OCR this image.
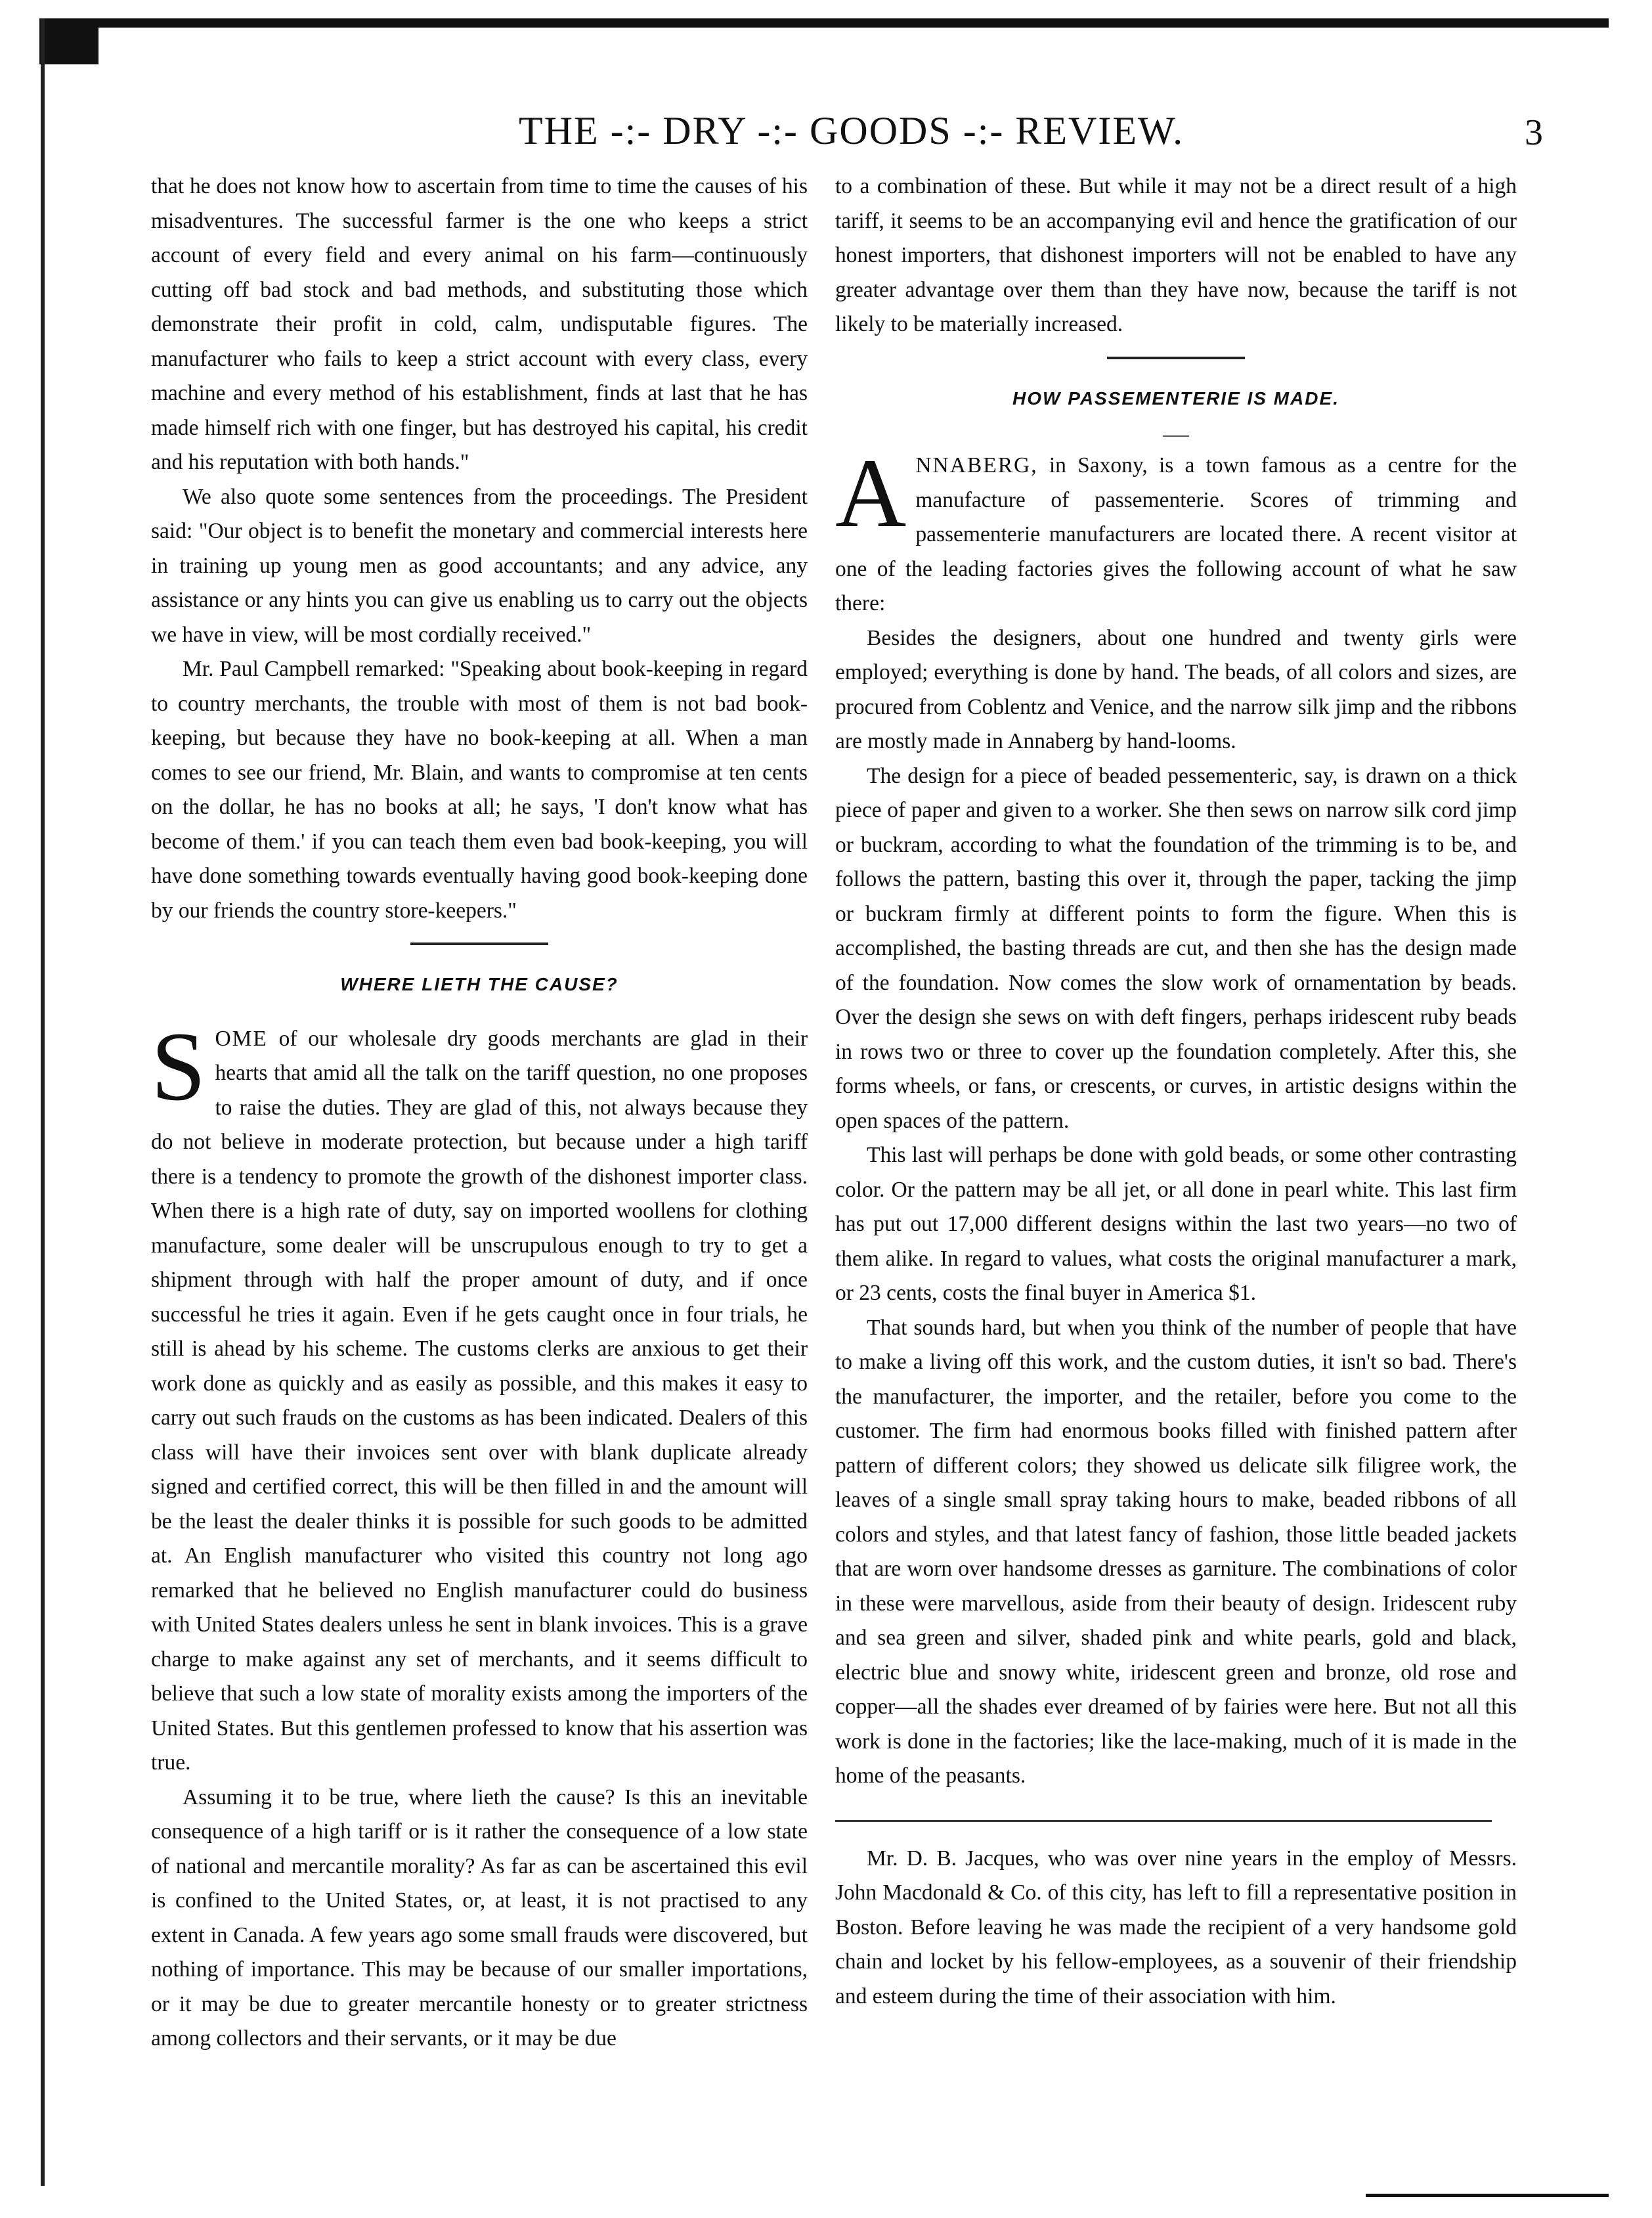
THE -:- DRY -:- GOODS -:- REVIEW.	3

that he does not know how to ascertain from time to time the causes of his misadventures. The successful farmer is the one who keeps a strict account of every field and every animal on his farm—continuously cutting off bad stock and bad methods, and substituting those which demonstrate their profit in cold, calm, undisputable figures. The manufacturer who fails to keep a strict account with every class, every machine and every method of his establishment, finds at last that he has made himself rich with one finger, but has destroyed his capital, his credit and his reputation with both hands."

We also quote some sentences from the proceedings. The President said: "Our object is to benefit the monetary and commercial interests here in training up young men as good accountants; and any advice, any assistance or any hints you can give us enabling us to carry out the objects we have in view, will be most cordially received."

Mr. Paul Campbell remarked: "Speaking about book-keeping in regard to country merchants, the trouble with most of them is not bad book-keeping, but because they have no book-keeping at all. When a man comes to see our friend, Mr. Blain, and wants to compromise at ten cents on the dollar, he has no books at all; he says, 'I don't know what has become of them.' if you can teach them even bad book-keeping, you will have done something towards eventually having good book-keeping done by our friends the country store-keepers."

WHERE LIETH THE CAUSE?

SOME of our wholesale dry goods merchants are glad in their hearts that amid all the talk on the tariff question, no one proposes to raise the duties. They are glad of this, not always because they do not believe in moderate protection, but because under a high tariff there is a tendency to promote the growth of the dishonest importer class. When there is a high rate of duty, say on imported woollens for clothing manufacture, some dealer will be unscrupulous enough to try to get a shipment through with half the proper amount of duty, and if once successful he tries it again. Even if he gets caught once in four trials, he still is ahead by his scheme. The customs clerks are anxious to get their work done as quickly and as easily as possible, and this makes it easy to carry out such frauds on the customs as has been indicated. Dealers of this class will have their invoices sent over with blank duplicate already signed and certified correct, this will be then filled in and the amount will be the least the dealer thinks it is possible for such goods to be admitted at. An English manufacturer who visited this country not long ago remarked that he believed no English manufacturer could do business with United States dealers unless he sent in blank invoices. This is a grave charge to make against any set of merchants, and it seems difficult to believe that such a low state of morality exists among the importers of the United States. But this gentlemen professed to know that his assertion was true.

Assuming it to be true, where lieth the cause? Is this an inevitable consequence of a high tariff or is it rather the consequence of a low state of national and mercantile morality? As far as can be ascertained this evil is confined to the United States, or, at least, it is not practised to any extent in Canada. A few years ago some small frauds were discovered, but nothing of importance. This may be because of our smaller importations, or it may be due to greater mercantile honesty or to greater strictness among collectors and their servants, or it may be due

to a combination of these. But while it may not be a direct result of a high tariff, it seems to be an accompanying evil and hence the gratification of our honest importers, that dishonest importers will not be enabled to have any greater advantage over them than they have now, because the tariff is not likely to be materially increased.

HOW PASSEMENTERIE IS MADE.

ANNABERG, in Saxony, is a town famous as a centre for the manufacture of passementerie. Scores of trimming and passementerie manufacturers are located there. A recent visitor at one of the leading factories gives the following account of what he saw there:

Besides the designers, about one hundred and twenty girls were employed; everything is done by hand. The beads, of all colors and sizes, are procured from Coblentz and Venice, and the narrow silk jimp and the ribbons are mostly made in Annaberg by hand-looms.

The design for a piece of beaded pessementeric, say, is drawn on a thick piece of paper and given to a worker. She then sews on narrow silk cord jimp or buckram, according to what the foundation of the trimming is to be, and follows the pattern, basting this over it, through the paper, tacking the jimp or buckram firmly at different points to form the figure. When this is accomplished, the basting threads are cut, and then she has the design made of the foundation. Now comes the slow work of ornamentation by beads. Over the design she sews on with deft fingers, perhaps iridescent ruby beads in rows two or three to cover up the foundation completely. After this, she forms wheels, or fans, or crescents, or curves, in artistic designs within the open spaces of the pattern.

This last will perhaps be done with gold beads, or some other contrasting color. Or the pattern may be all jet, or all done in pearl white. This last firm has put out 17,000 different designs within the last two years—no two of them alike. In regard to values, what costs the original manufacturer a mark, or 23 cents, costs the final buyer in America $1.

That sounds hard, but when you think of the number of people that have to make a living off this work, and the custom duties, it isn't so bad. There's the manufacturer, the importer, and the retailer, before you come to the customer. The firm had enormous books filled with finished pattern after pattern of different colors; they showed us delicate silk filigree work, the leaves of a single small spray taking hours to make, beaded ribbons of all colors and styles, and that latest fancy of fashion, those little beaded jackets that are worn over handsome dresses as garniture. The combinations of color in these were marvellous, aside from their beauty of design. Iridescent ruby and sea green and silver, shaded pink and white pearls, gold and black, electric blue and snowy white, iridescent green and bronze, old rose and copper—all the shades ever dreamed of by fairies were here. But not all this work is done in the factories; like the lace-making, much of it is made in the home of the peasants.

Mr. D. B. Jacques, who was over nine years in the employ of Messrs. John Macdonald & Co. of this city, has left to fill a representative position in Boston. Before leaving he was made the recipient of a very handsome gold chain and locket by his fellow-employees, as a souvenir of their friendship and esteem during the time of their association with him.
